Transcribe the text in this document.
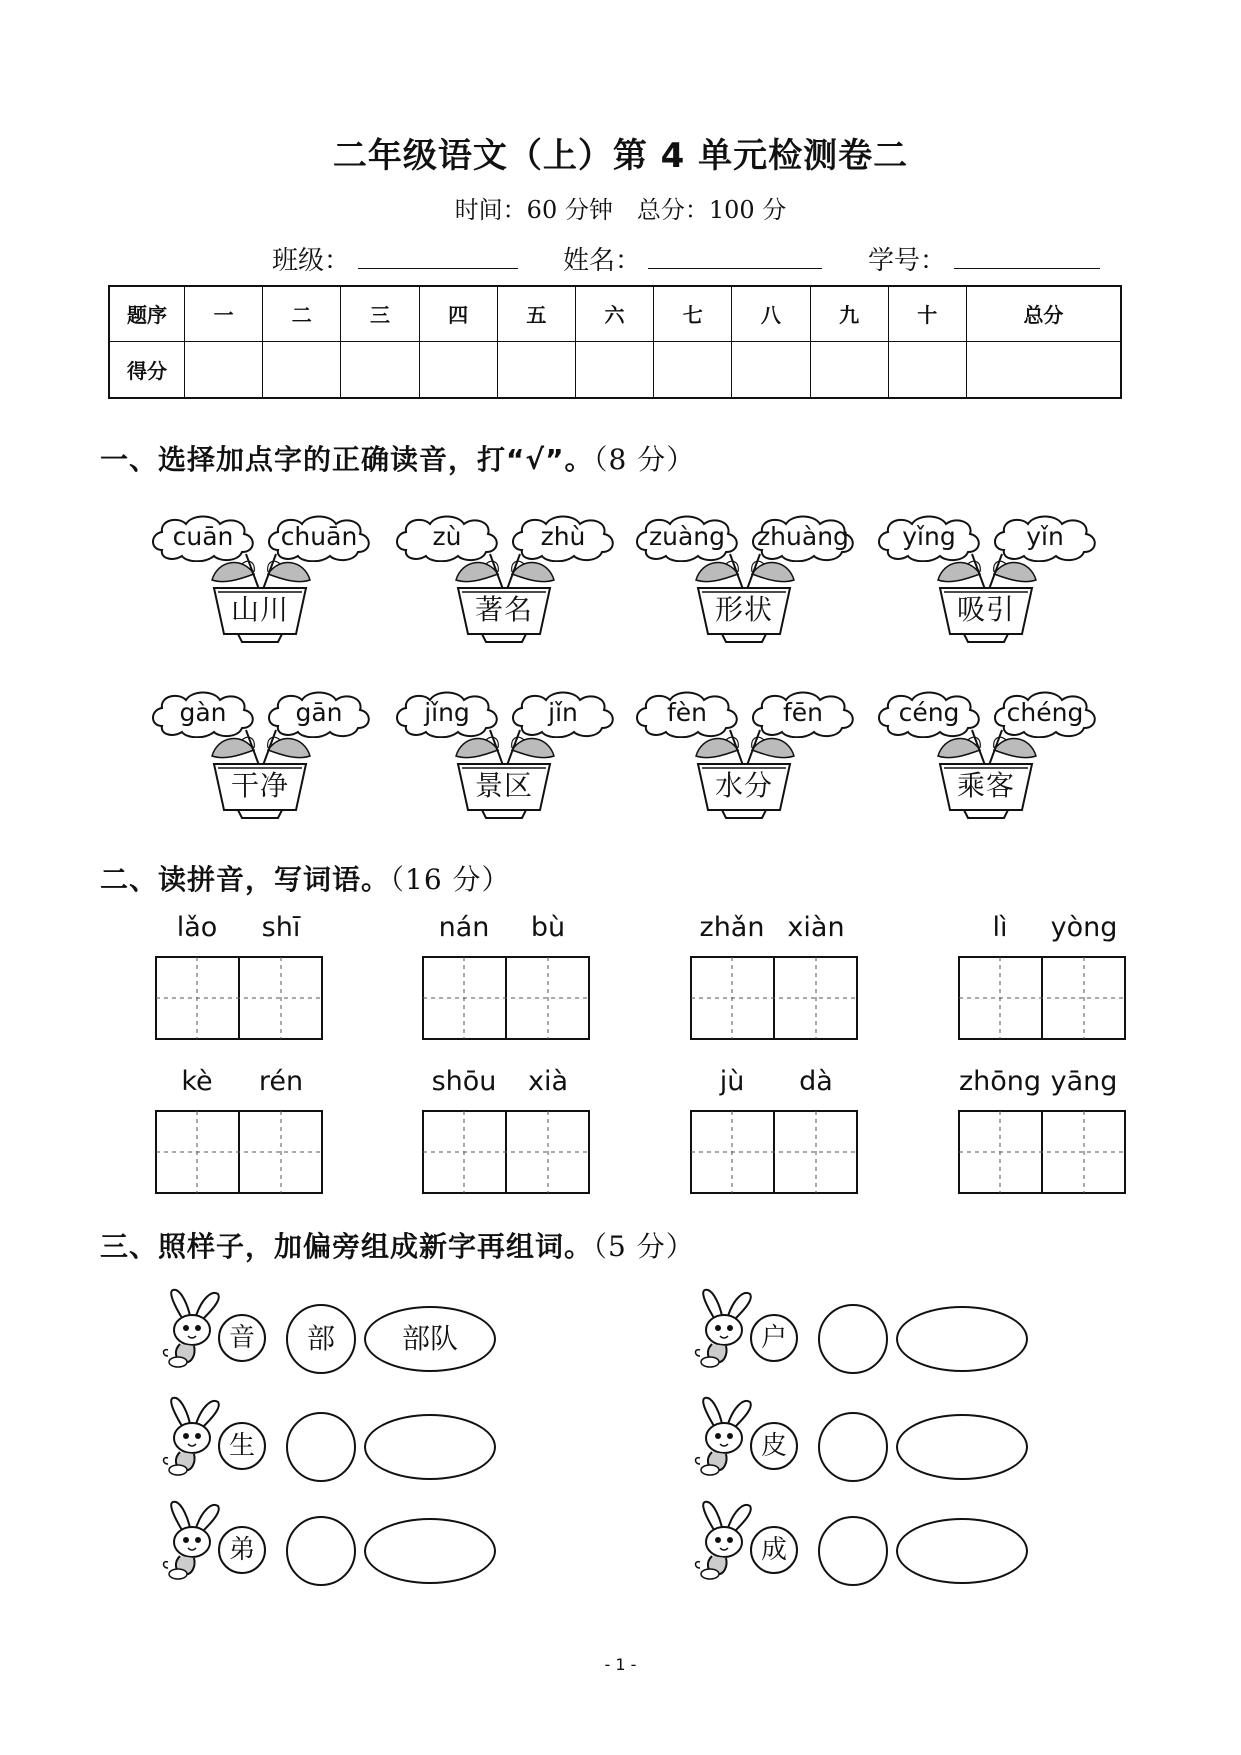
二年级语文（上）第 4 单元检测卷二
时间：60 分钟　总分：100 分
班级：	姓名：	学号：
题序	一	二	三	四	五	六	七	八	九	十	总分
得分											
一、选择加点字的正确读音，打“√”。（8 分）
cuān	chuān
山川
zù	zhù
著名
zuàng	zhuàng
形状
yǐng	yǐn
吸引
gàn	gān
干净
jǐng	jǐn
景区
fèn	fēn
水分
céng	chéng
乘客
二、读拼音，写词语。（16 分）
lǎo	shī	nán	bù	zhǎn xiàn	lì	yòng
kè	rén	shōu	xià	jù	dà	zhōng yāng
三、照样子，加偏旁组成新字再组词。（5 分）
音	部	部队	户
生	皮
弟	成
- 1 -
